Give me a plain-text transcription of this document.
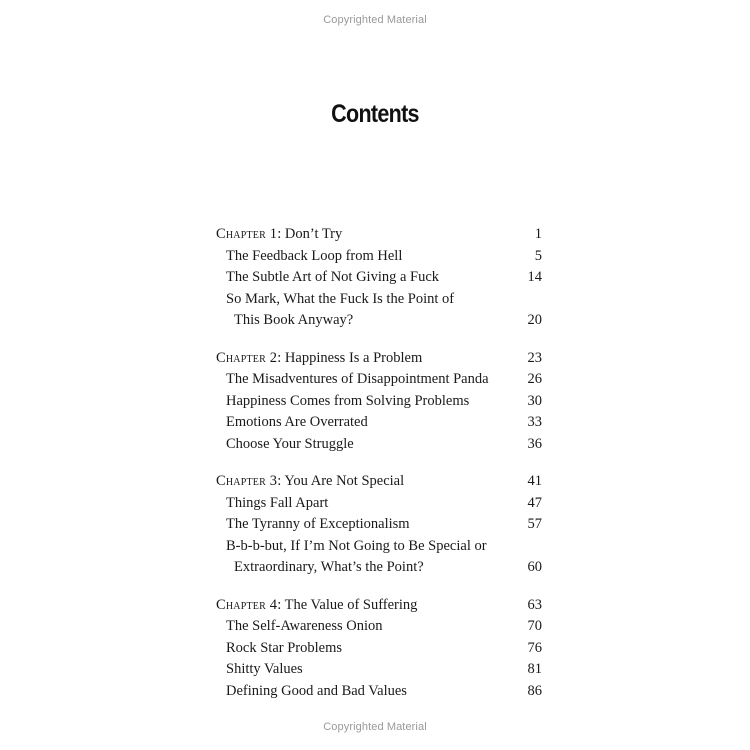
Copyrighted Material
Contents
Chapter 1: Don’t Try	1
The Feedback Loop from Hell	5
The Subtle Art of Not Giving a Fuck	14
So Mark, What the Fuck Is the Point of
This Book Anyway?	20
Chapter 2: Happiness Is a Problem	23
The Misadventures of Disappointment Panda	26
Happiness Comes from Solving Problems	30
Emotions Are Overrated	33
Choose Your Struggle	36
Chapter 3: You Are Not Special	41
Things Fall Apart	47
The Tyranny of Exceptionalism	57
B-b-b-but, If I’m Not Going to Be Special or
Extraordinary, What’s the Point?	60
Chapter 4: The Value of Suffering	63
The Self-Awareness Onion	70
Rock Star Problems	76
Shitty Values	81
Defining Good and Bad Values	86
Copyrighted Material
